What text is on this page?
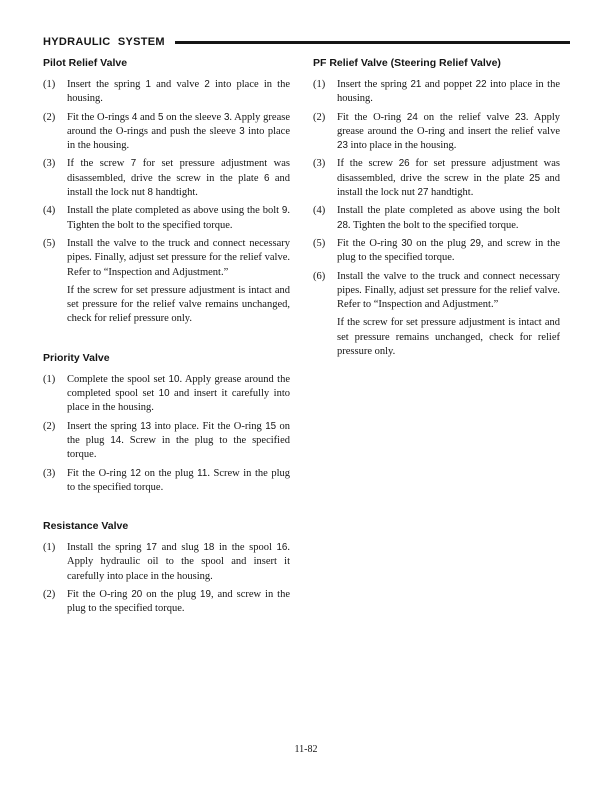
HYDRAULIC SYSTEM
Pilot Relief Valve
(1)	Insert the spring 1 and valve 2 into place in the housing.
(2)	Fit the O-rings 4 and 5 on the sleeve 3. Apply grease around the O-rings and push the sleeve 3 into place in the housing.
(3)	If the screw 7 for set pressure adjustment was disassembled, drive the screw in the plate 6 and install the lock nut 8 handtight.
(4)	Install the plate completed as above using the bolt 9. Tighten the bolt to the specified torque.
(5)	Install the valve to the truck and connect necessary pipes. Finally, adjust set pressure for the relief valve. Refer to “Inspection and Adjustment.”
If the screw for set pressure adjustment is intact and set pressure for the relief valve remains unchanged, check for relief pressure only.
Priority Valve
(1)	Complete the spool set 10. Apply grease around the completed spool set 10 and insert it carefully into place in the housing.
(2)	Insert the spring 13 into place. Fit the O-ring 15 on the plug 14. Screw in the plug to the specified torque.
(3)	Fit the O-ring 12 on the plug 11. Screw in the plug to the specified torque.
Resistance Valve
(1)	Install the spring 17 and slug 18 in the spool 16. Apply hydraulic oil to the spool and insert it carefully into place in the housing.
(2)	Fit the O-ring 20 on the plug 19, and screw in the plug to the specified torque.
PF Relief Valve (Steering Relief Valve)
(1)	Insert the spring 21 and poppet 22 into place in the housing.
(2)	Fit the O-ring 24 on the relief valve 23. Apply grease around the O-ring and insert the relief valve 23 into place in the housing.
(3)	If the screw 26 for set pressure adjustment was disassembled, drive the screw in the plate 25 and install the lock nut 27 handtight.
(4)	Install the plate completed as above using the bolt 28. Tighten the bolt to the specified torque.
(5)	Fit the O-ring 30 on the plug 29, and screw in the plug to the specified torque.
(6)	Install the valve to the truck and connect necessary pipes. Finally, adjust set pressure for the relief valve. Refer to “Inspection and Adjustment.”
If the screw for set pressure adjustment is intact and set pressure remains unchanged, check for relief pressure only.
11-82
